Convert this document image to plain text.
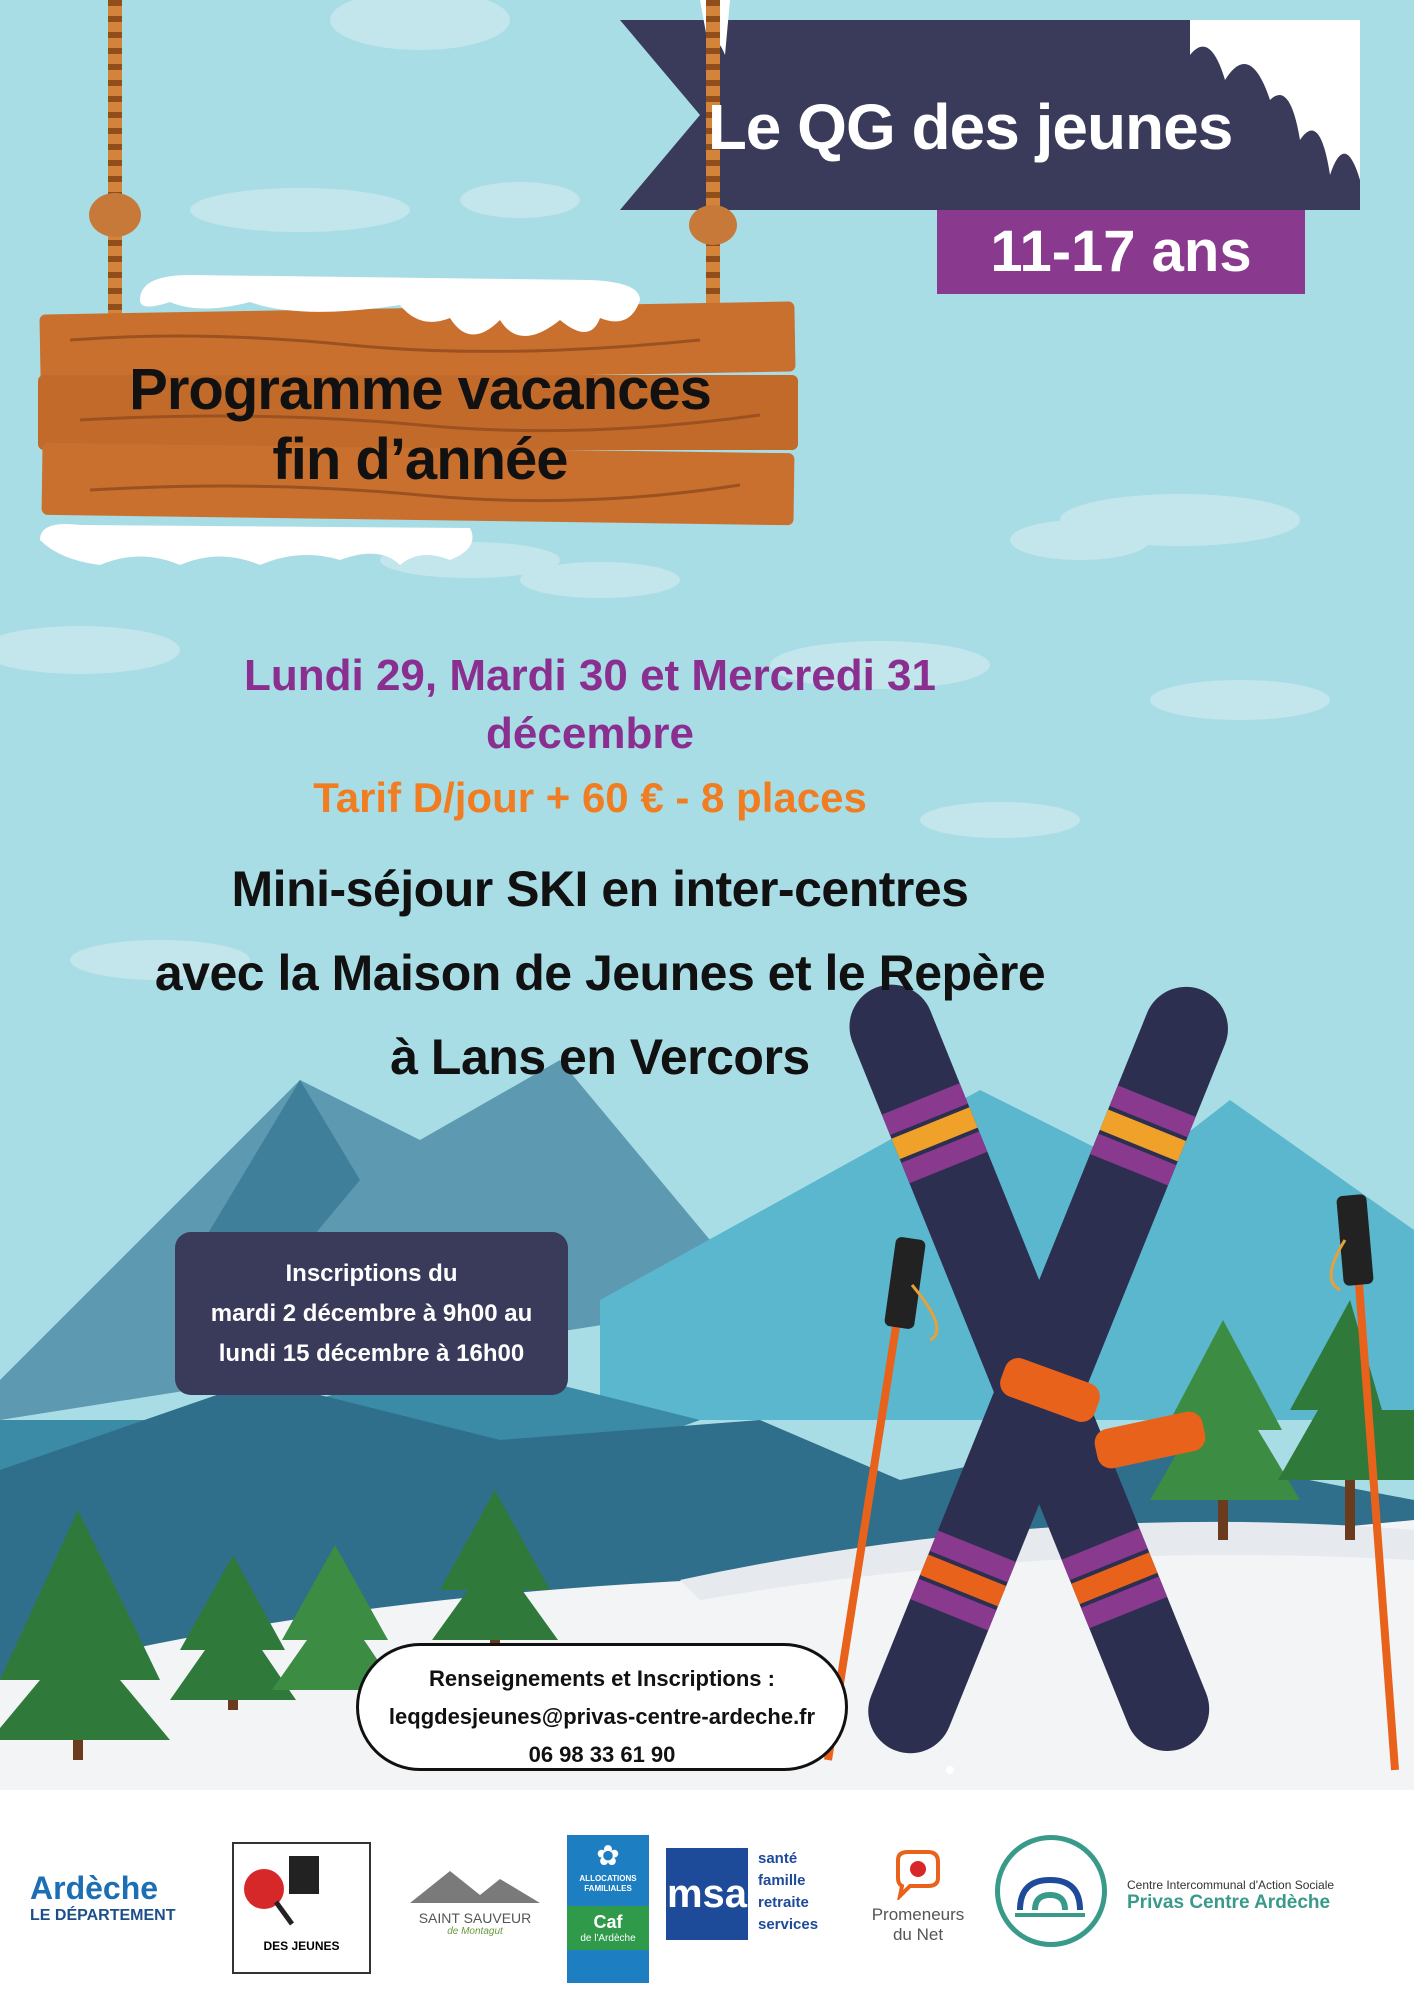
Le QG des jeunes
11-17 ans
Programme vacances
fin d’année
Lundi 29, Mardi 30 et Mercredi 31
décembre
Tarif D/jour + 60 € - 8 places
Mini-séjour SKI en inter-centres
avec la Maison de Jeunes et le Repère
à Lans en Vercors
Inscriptions du
mardi 2 décembre à 9h00 au
lundi 15 décembre à 16h00
Renseignements et Inscriptions :
leqgdesjeunes@privas-centre-ardeche.fr
06 98 33 61 90
Ardèche
LE DÉPARTEMENT
DES JEUNES
SAINT SAUVEUR
de Montagut
✿
ALLOCATIONS FAMILIALES
Caf
de l'Ardèche
msa
santé
famille
retraite
services
Promeneurs
du Net
Centre Intercommunal d'Action Sociale
Privas Centre Ardèche
